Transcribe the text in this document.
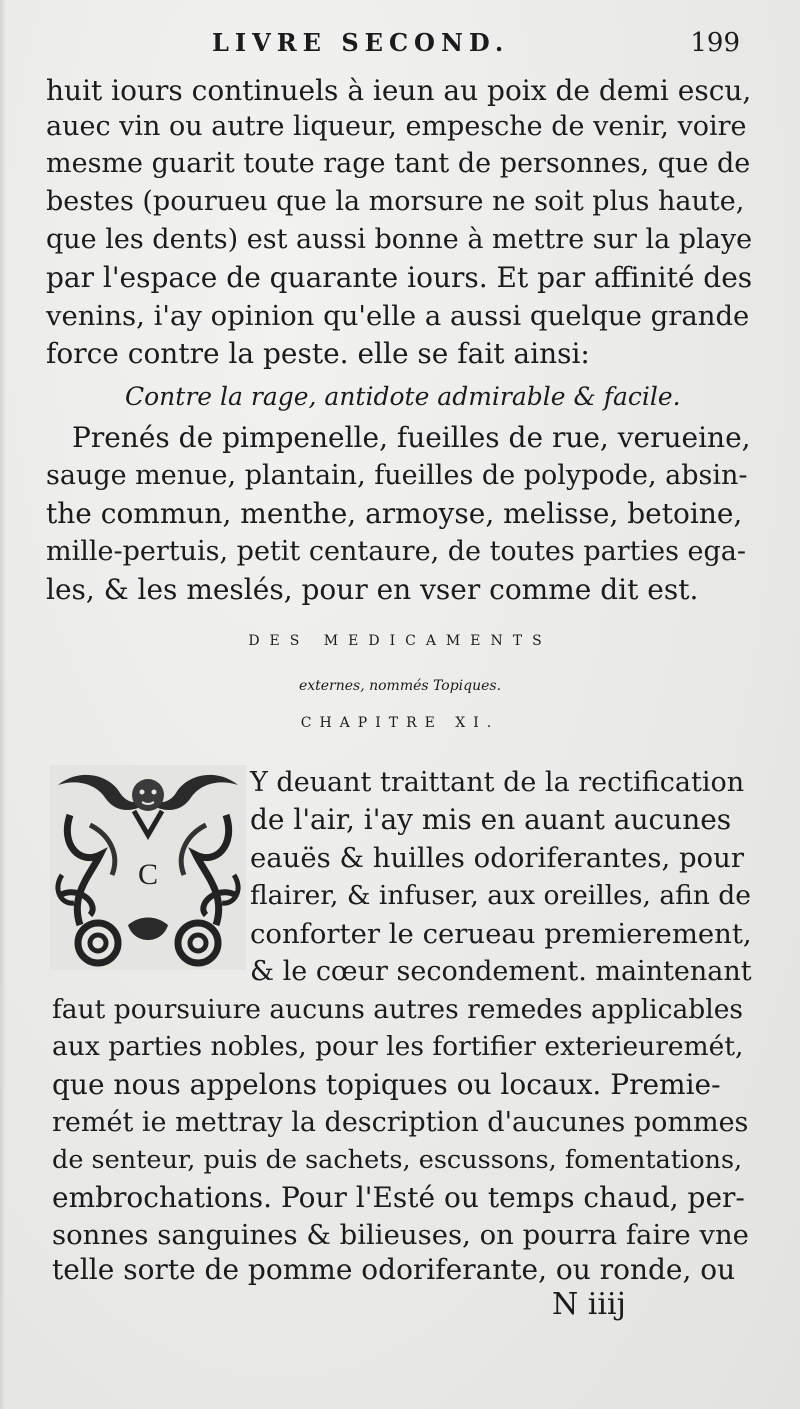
LIVRE SECOND.	199
huit iours continuels à ieun au poix de demi escu,
auec vin ou autre liqueur, empesche de venir, voire
mesme guarit toute rage tant de personnes, que de
bestes (pourueu que la morsure ne soit plus haute,
que les dents) est aussi bonne à mettre sur la playe
par l'espace de quarante iours. Et par affinité des
venins, i'ay opinion qu'elle a aussi quelque grande
force contre la peste. elle se fait ainsi:
Contre la rage, antidote admirable & facile.
Prenés de pimpenelle, fueilles de rue, verueine,
sauge menue, plantain, fueilles de polypode, absin-
the commun, menthe, armoyse, melisse, betoine,
mille-pertuis, petit centaure, de toutes parties ega-
les, & les meslés, pour en vser comme dit est.
DES MEDICAMENTS
externes, nommés Topiques.
CHAPITRE XI.
C
Y deuant traittant de la rectification
de l'air, i'ay mis en auant aucunes
eauës & huilles odoriferantes, pour
flairer, & infuser, aux oreilles, afin de
conforter le cerueau premierement,
& le cœur secondement. maintenant
faut poursuiure aucuns autres remedes applicables
aux parties nobles, pour les fortifier exterieuremét,
que nous appelons topiques ou locaux. Premie-
remét ie mettray la description d'aucunes pommes
de senteur, puis de sachets, escussons, fomentations,
embrochations. Pour l'Esté ou temps chaud, per-
sonnes sanguines & bilieuses, on pourra faire vne
telle sorte de pomme odoriferante, ou ronde, ou
N iiij
